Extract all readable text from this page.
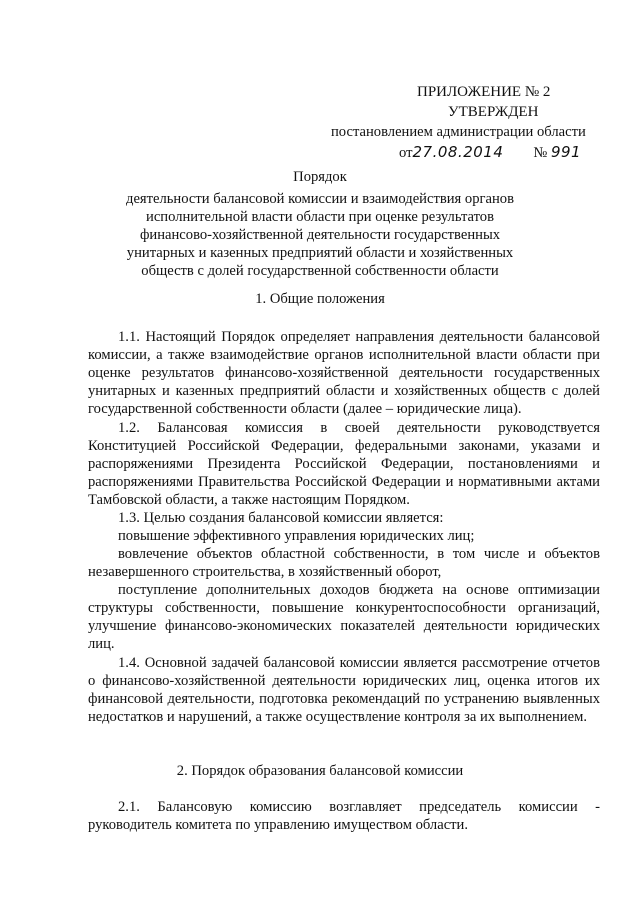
ПРИЛОЖЕНИЕ № 2
УТВЕРЖДЕН
постановлением администрации области
от27.08.2014 № 991
Порядок
деятельности балансовой комиссии и взаимодействия органов исполнительной власти области при оценке результатов финансово-хозяйственной деятельности государственных унитарных и казенных предприятий области и хозяйственных обществ с долей государственной собственности области
1. Общие положения

1.1. Настоящий Порядок определяет направления деятельности балансовой комиссии, а также взаимодействие органов исполнительной власти области при оценке результатов финансово-хозяйственной деятельности государственных унитарных и казенных предприятий области и хозяйственных обществ с долей государственной собственности области (далее – юридические лица).

1.2. Балансовая комиссия в своей деятельности руководствуется Конституцией Российской Федерации, федеральными законами, указами и распоряжениями Президента Российской Федерации, постановлениями и распоряжениями Правительства Российской Федерации и нормативными актами Тамбовской области, а также настоящим Порядком.

1.3. Целью создания балансовой комиссии является:

повышение эффективного управления юридических лиц;

вовлечение объектов областной собственности, в том числе и объектов незавершенного строительства, в хозяйственный оборот,

поступление дополнительных доходов бюджета на основе оптимизации структуры собственности, повышение конкурентоспособности организаций, улучшение финансово-экономических показателей деятельности юридических лиц.

1.4. Основной задачей балансовой комиссии является рассмотрение отчетов о финансово-хозяйственной деятельности юридических лиц, оценка итогов их финансовой деятельности, подготовка рекомендаций по устранению выявленных недостатков и нарушений, а также осуществление контроля за их выполнением.

2. Порядок образования балансовой комиссии

2.1. Балансовую комиссию возглавляет председатель комиссии - руководитель комитета по управлению имуществом области.
